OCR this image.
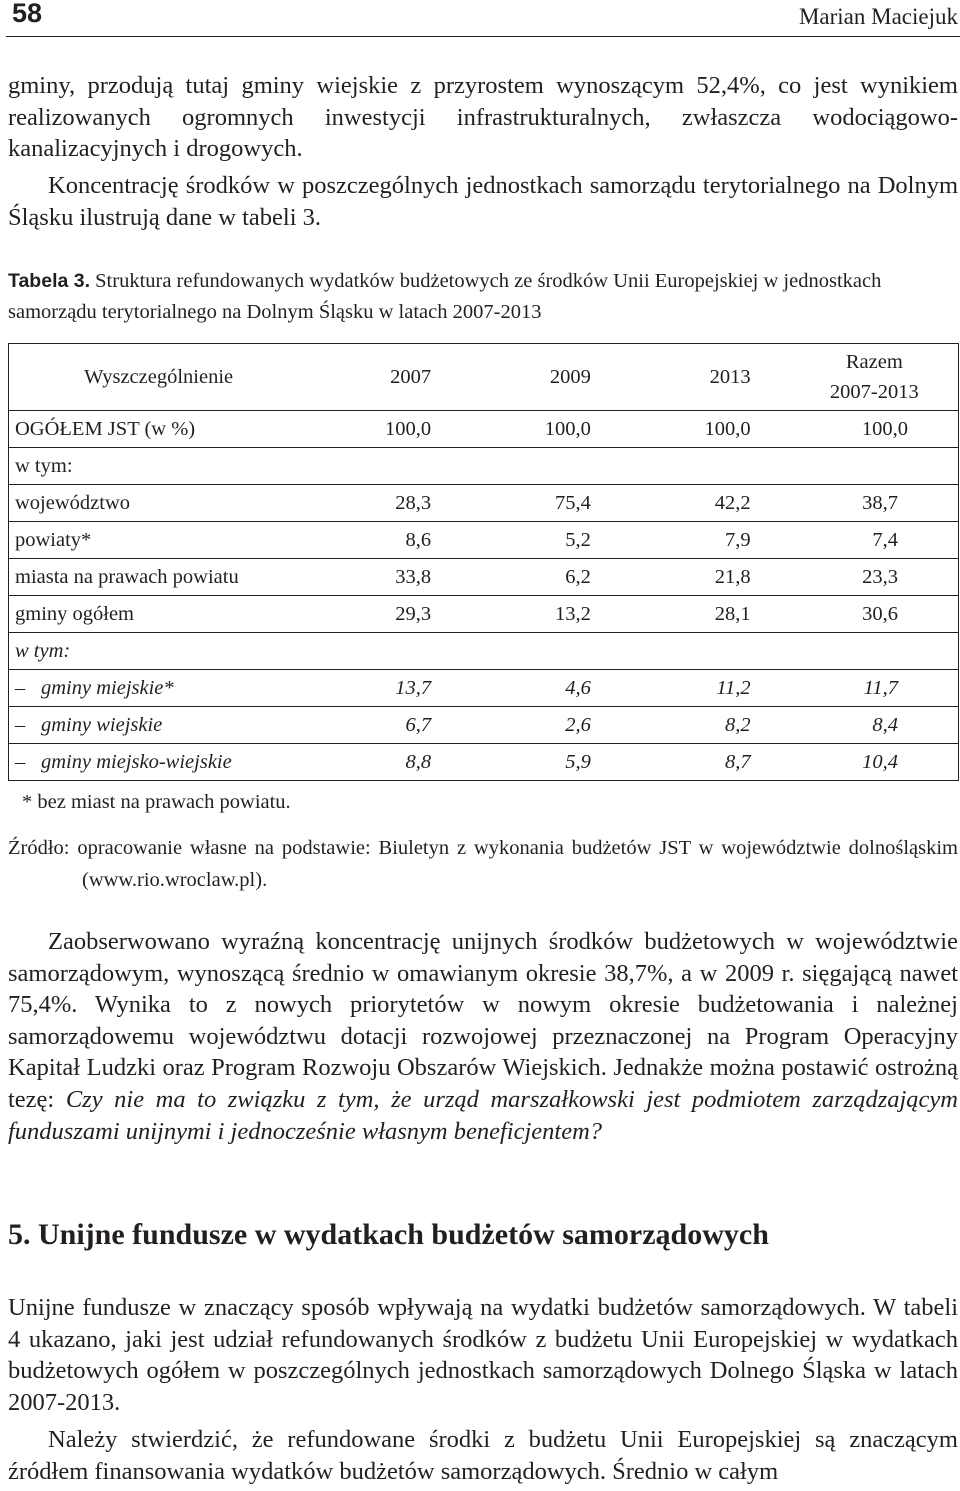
58	Marian Maciejuk

gminy, przodują tutaj gminy wiejskie z przyrostem wynoszącym 52,4%, co jest wynikiem realizowanych ogromnych inwestycji infrastrukturalnych, zwłaszcza wodociągowo-kanalizacyjnych i drogowych.

Koncentrację środków w poszczególnych jednostkach samorządu terytorialnego na Dolnym Śląsku ilustrują dane w tabeli 3.

Tabela 3. Struktura refundowanych wydatków budżetowych ze środków Unii Europejskiej w jednostkach samorządu terytorialnego na Dolnym Śląsku w latach 2007-2013

Wyszczególnienie	2007	2009	2013	Razem
2007-2013
OGÓŁEM JST (w %)	100,0	100,0	100,0	100,0
w tym:				
województwo	28,3	75,4	42,2	38,7
powiaty*	8,6	5,2	7,9	7,4
miasta na prawach powiatu	33,8	6,2	21,8	23,3
gminy ogółem	29,3	13,2	28,1	30,6
w tym:				
– gminy miejskie*	13,7	4,6	11,2	11,7
– gminy wiejskie	6,7	2,6	8,2	8,4
– gminy miejsko-wiejskie	8,8	5,9	8,7	10,4

* bez miast na prawach powiatu.

Źródło: opracowanie własne na podstawie: Biuletyn z wykonania budżetów JST w województwie dolnośląskim (www.rio.wroclaw.pl).

Zaobserwowano wyraźną koncentrację unijnych środków budżetowych w województwie samorządowym, wynoszącą średnio w omawianym okresie 38,7%, a w 2009 r. sięgającą nawet 75,4%. Wynika to z nowych priorytetów w nowym okresie budżetowania i należnej samorządowemu województwu dotacji rozwojowej przeznaczonej na Program Operacyjny Kapitał Ludzki oraz Program Rozwoju Obszarów Wiejskich. Jednakże można postawić ostrożną tezę: Czy nie ma to związku z tym, że urząd marszałkowski jest podmiotem zarządzającym funduszami unijnymi i jednocześnie własnym beneficjentem?

5. Unijne fundusze w wydatkach budżetów samorządowych

Unijne fundusze w znaczący sposób wpływają na wydatki budżetów samorządowych. W tabeli 4 ukazano, jaki jest udział refundowanych środków z budżetu Unii Europejskiej w wydatkach budżetowych ogółem w poszczególnych jednostkach samorządowych Dolnego Śląska w latach 2007-2013.

Należy stwierdzić, że refundowane środki z budżetu Unii Europejskiej są znaczącym źródłem finansowania wydatków budżetów samorządowych. Średnio w całym
